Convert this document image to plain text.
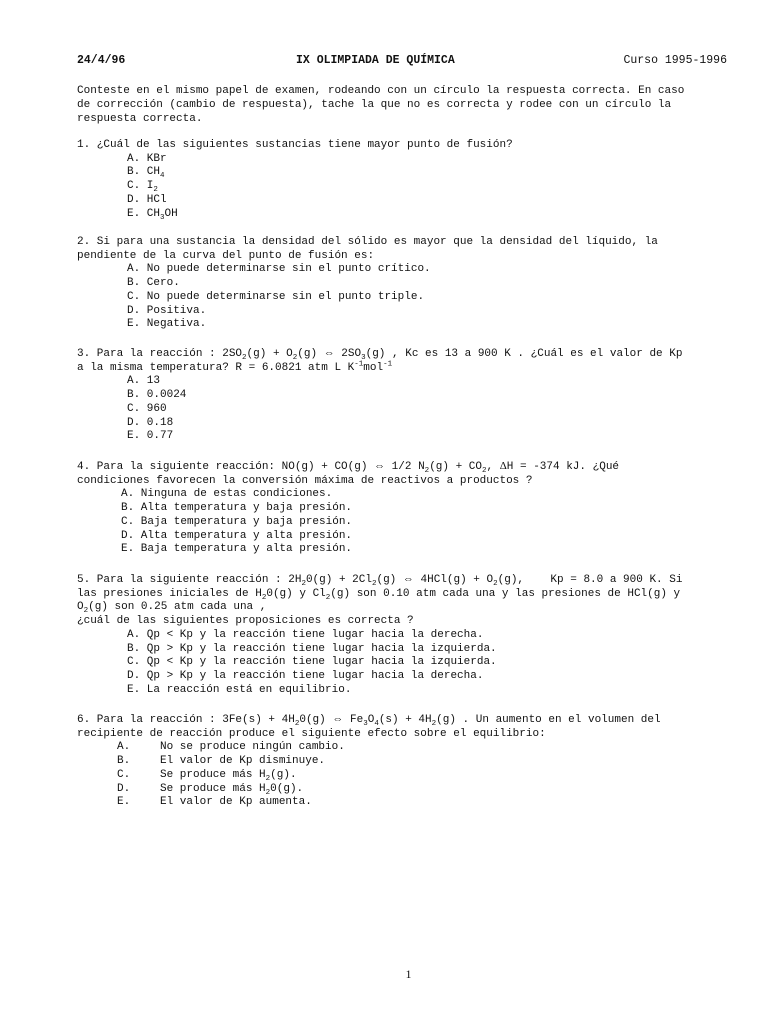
24/4/96	IX OLIMPIADA DE QUÍMICA	Curso 1995-1996
Conteste en el mismo papel de examen, rodeando con un círculo la respuesta correcta. En caso
de corrección (cambio de respuesta), tache la que no es correcta y rodee con un círculo la
respuesta correcta.
1. ¿Cuál de las siguientes sustancias tiene mayor punto de fusión?
A. KBr
B. $CH_4$
C. $I_2$
D. HCl
E. $CH_3OH$
2. Si para una sustancia la densidad del sólido es mayor que la densidad del líquido, la
pendiente de la curva del punto de fusión es:
A. No puede determinarse sin el punto crítico.
B. Cero.
C. No puede determinarse sin el punto triple.
D. Positiva.
E. Negativa.
3. Para la reacción : $2SO_2(g) + O_2(g)$ ⇔ $2SO_3(g)$ , Kc es 13 a 900 K . ¿Cuál es el valor de Kp
a la misma temperatura? R = 6.0821 atm L $K^{-1}mol^{-1}$
A. 13
B. 0.0024
C. 960
D. 0.18
E. 0.77
4. Para la siguiente reacción: NO(g) + CO(g) ⇔ 1/2 $N_2(g) + CO_2$, ΔH = -374 kJ. ¿Qué
condiciones favorecen la conversión máxima de reactivos a productos ?
A. Ninguna de estas condiciones.
B. Alta temperatura y baja presión.
C. Baja temperatura y baja presión.
D. Alta temperatura y alta presión.
E. Baja temperatura y alta presión.
5. Para la siguiente reacción : $2H_20(g) + 2Cl_2(g)$ ⇔ $4HCl(g) + O_2(g)$,    Kp = 8.0 a 900 K. Si
las presiones iniciales de $H_20(g)$ y $Cl_2(g)$ son 0.10 atm cada una y las presiones de HCl(g) y
$O_2(g)$ son 0.25 atm cada una ,
¿cuál de las siguientes proposiciones es correcta ?
A. Qp < Kp y la reacción tiene lugar hacia la derecha.
B. Qp > Kp y la reacción tiene lugar hacia la izquierda.
C. Qp < Kp y la reacción tiene lugar hacia la izquierda.
D. Qp > Kp y la reacción tiene lugar hacia la derecha.
E. La reacción está en equilibrio.
6. Para la reacción : $3Fe(s) + 4H_20(g)$ ⇔ $Fe_3O_4(s) + 4H_2(g)$ . Un aumento en el volumen del
recipiente de reacción produce el siguiente efecto sobre el equilibrio:
A.	No se produce ningún cambio.
B.	El valor de Kp disminuye.
C.	Se produce más $H_2(g)$.
D.	Se produce más $H_20(g)$.
E.	El valor de Kp aumenta.
1
